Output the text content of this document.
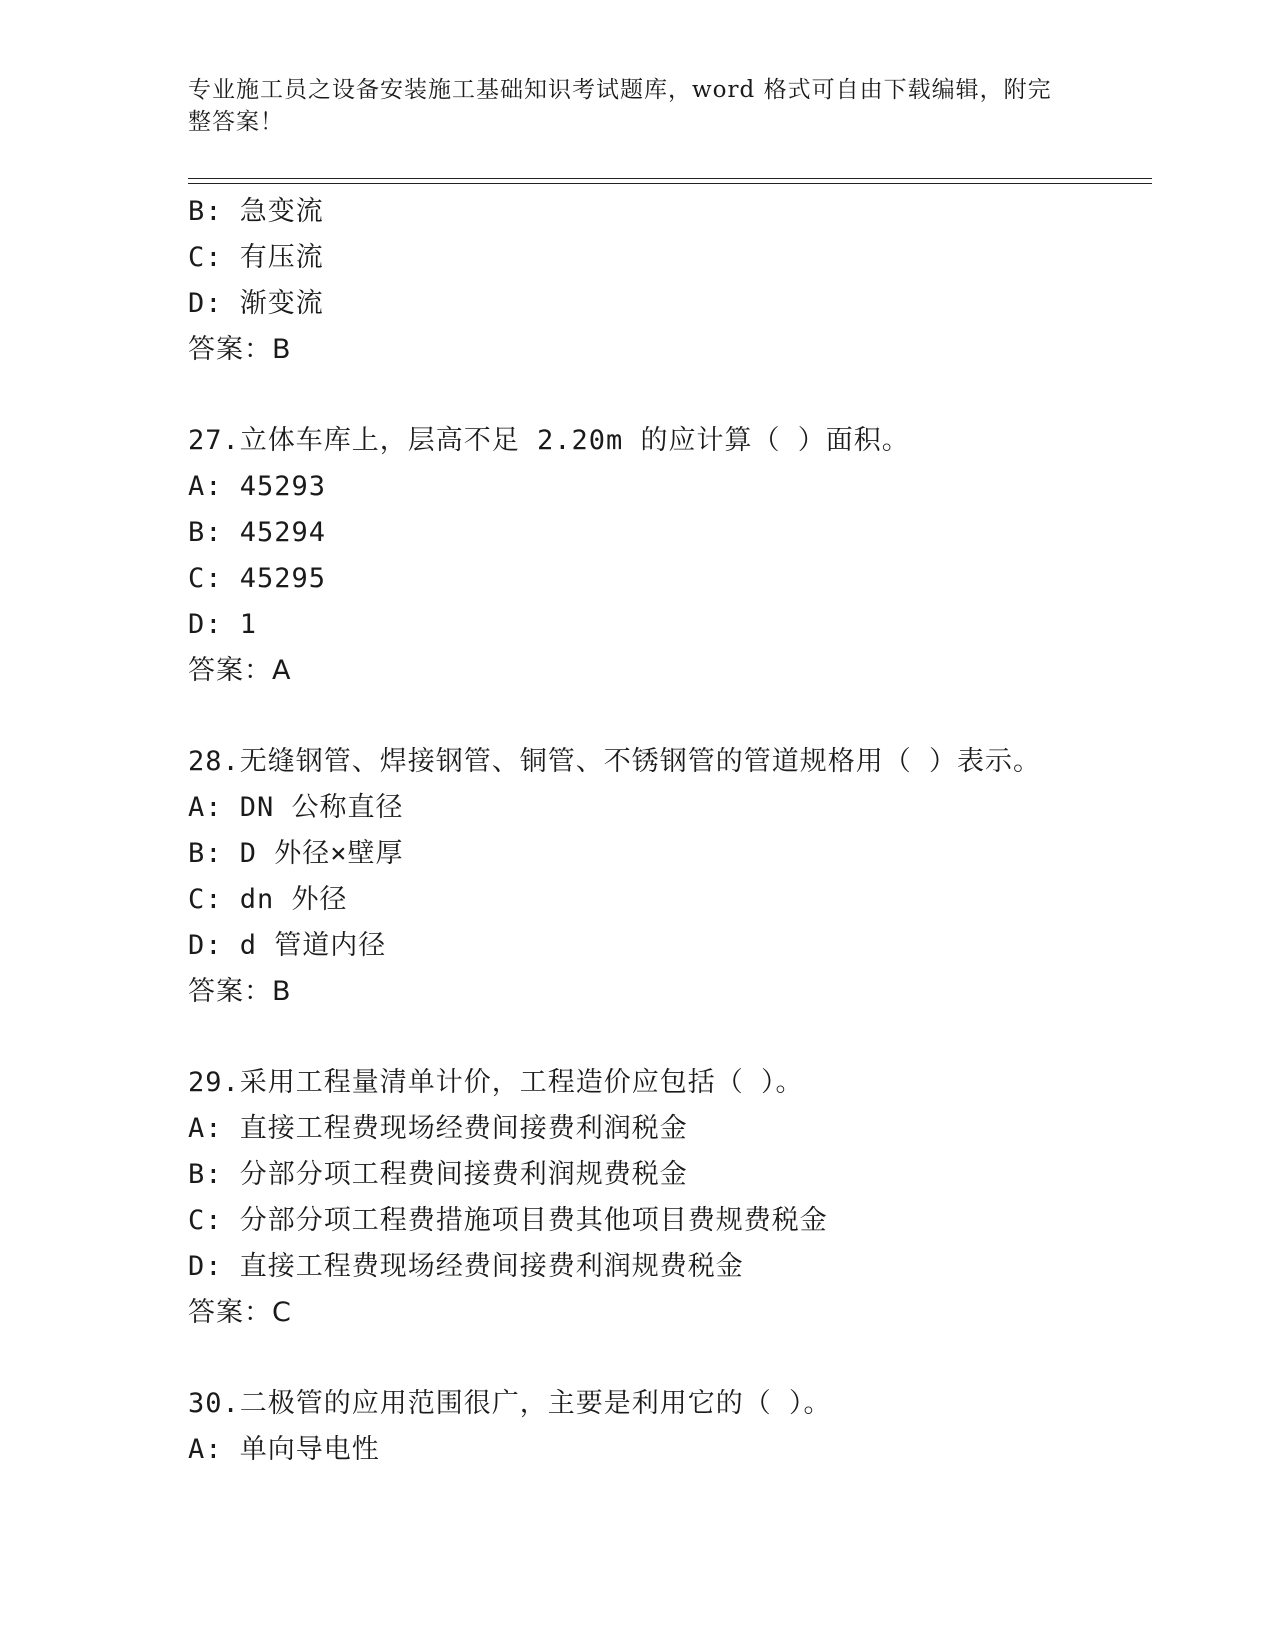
专业施工员之设备安装施工基础知识考试题库，word 格式可自由下载编辑，附完
整答案！
B: 急变流
C: 有压流
D: 渐变流
答案：B
27.立体车库上，层高不足 2.20m 的应计算（ ）面积。
A: 45293
B: 45294
C: 45295
D: 1
答案：A
28.无缝钢管、焊接钢管、铜管、不锈钢管的管道规格用（ ）表示。
A: DN 公称直径
B: D 外径×壁厚
C: dn 外径
D: d 管道内径
答案：B
29.采用工程量清单计价，工程造价应包括（ ）。
A: 直接工程费现场经费间接费利润税金
B: 分部分项工程费间接费利润规费税金
C: 分部分项工程费措施项目费其他项目费规费税金
D: 直接工程费现场经费间接费利润规费税金
答案：C
30.二极管的应用范围很广，主要是利用它的（ ）。
A: 单向导电性
